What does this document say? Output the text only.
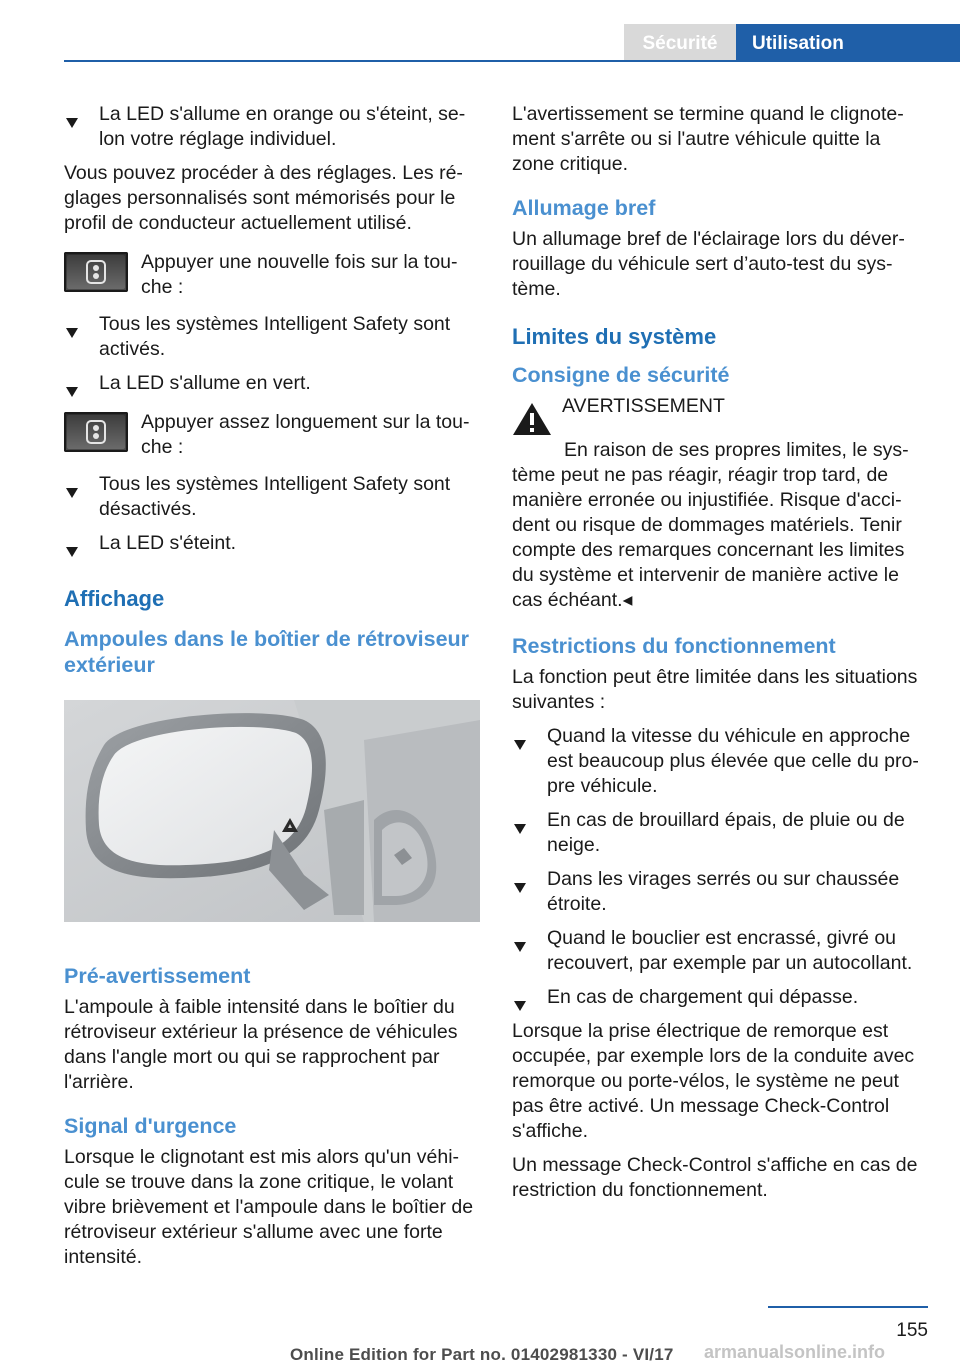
Sécurité	Utilisation
La LED s'allume en orange ou s'éteint, selon votre réglage individuel.

Vous pouvez procéder à des réglages. Les réglages personnalisés sont mémorisés pour le profil de conducteur actuellement utilisé.

Appuyer une nouvelle fois sur la touche :
Tous les systèmes Intelligent Safety sont activés.
La LED s'allume en vert.
Appuyer assez longuement sur la touche :
Tous les systèmes Intelligent Safety sont désactivés.
La LED s'éteint.
Affichage
Ampoules dans le boîtier de rétroviseur extérieur
Pré-avertissement

L'ampoule à faible intensité dans le boîtier du rétroviseur extérieur la présence de véhicules dans l'angle mort ou qui se rapprochent par l'arrière.

Signal d'urgence

Lorsque le clignotant est mis alors qu'un véhicule se trouve dans la zone critique, le volant vibre brièvement et l'ampoule dans le boîtier de rétroviseur extérieur s'allume avec une forte intensité.

L'avertissement se termine quand le clignotement s'arrête ou si l'autre véhicule quitte la zone critique.

Allumage bref

Un allumage bref de l'éclairage lors du déverrouillage du véhicule sert d’auto-test du système.

Limites du système
Consigne de sécurité
AVERTISSEMENT

En raison de ses propres limites, le système peut ne pas réagir, réagir trop tard, de manière erronée ou injustifiée. Risque d'accident ou risque de dommages matériels. Tenir compte des remarques concernant les limites du système et intervenir de manière active le cas échéant.◂

Restrictions du fonctionnement

La fonction peut être limitée dans les situations suivantes :

Quand la vitesse du véhicule en approche est beaucoup plus élevée que celle du propre véhicule.
En cas de brouillard épais, de pluie ou de neige.
Dans les virages serrés ou sur chaussée étroite.
Quand le bouclier est encrassé, givré ou recouvert, par exemple par un autocollant.
En cas de chargement qui dépasse.

Lorsque la prise électrique de remorque est occupée, par exemple lors de la conduite avec remorque ou porte-vélos, le système ne peut pas être activé. Un message Check-Control s'affiche.

Un message Check-Control s'affiche en cas de restriction du fonctionnement.

155
Online Edition for Part no. 01402981330 - VI/17 armanualsonline.info
